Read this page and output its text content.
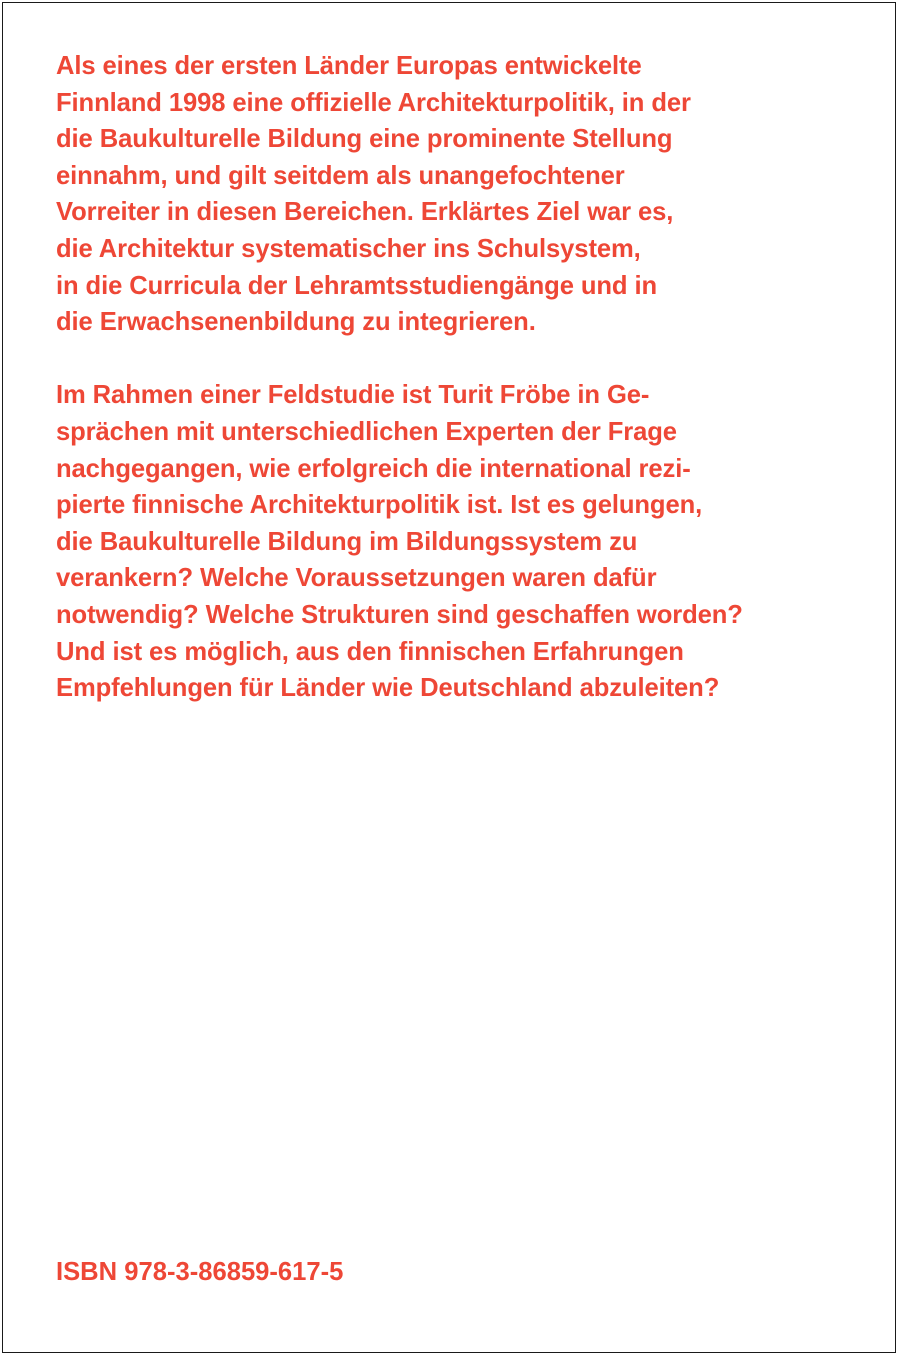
Als eines der ersten Länder Europas entwickelte
Finnland 1998 eine offizielle Architekturpolitik, in der
die Baukulturelle Bildung eine prominente Stellung
einnahm, und gilt seitdem als unangefochtener
Vorreiter in diesen Bereichen. Erklärtes Ziel war es,
die Architektur systematischer ins Schulsystem,
in die Curricula der Lehramtsstudiengänge und in
die Erwachsenenbildung zu integrieren.

Im Rahmen einer Feldstudie ist Turit Fröbe in Ge-
sprächen mit unterschiedlichen Experten der Frage
nachgegangen, wie erfolgreich die international rezi-
pierte finnische Architekturpolitik ist. Ist es gelungen,
die Baukulturelle Bildung im Bildungssystem zu
verankern? Welche Voraussetzungen waren dafür
notwendig? Welche Strukturen sind geschaffen worden?
Und ist es möglich, aus den finnischen Erfahrungen
Empfehlungen für Länder wie Deutschland abzuleiten?

ISBN 978-3-86859-617-5
